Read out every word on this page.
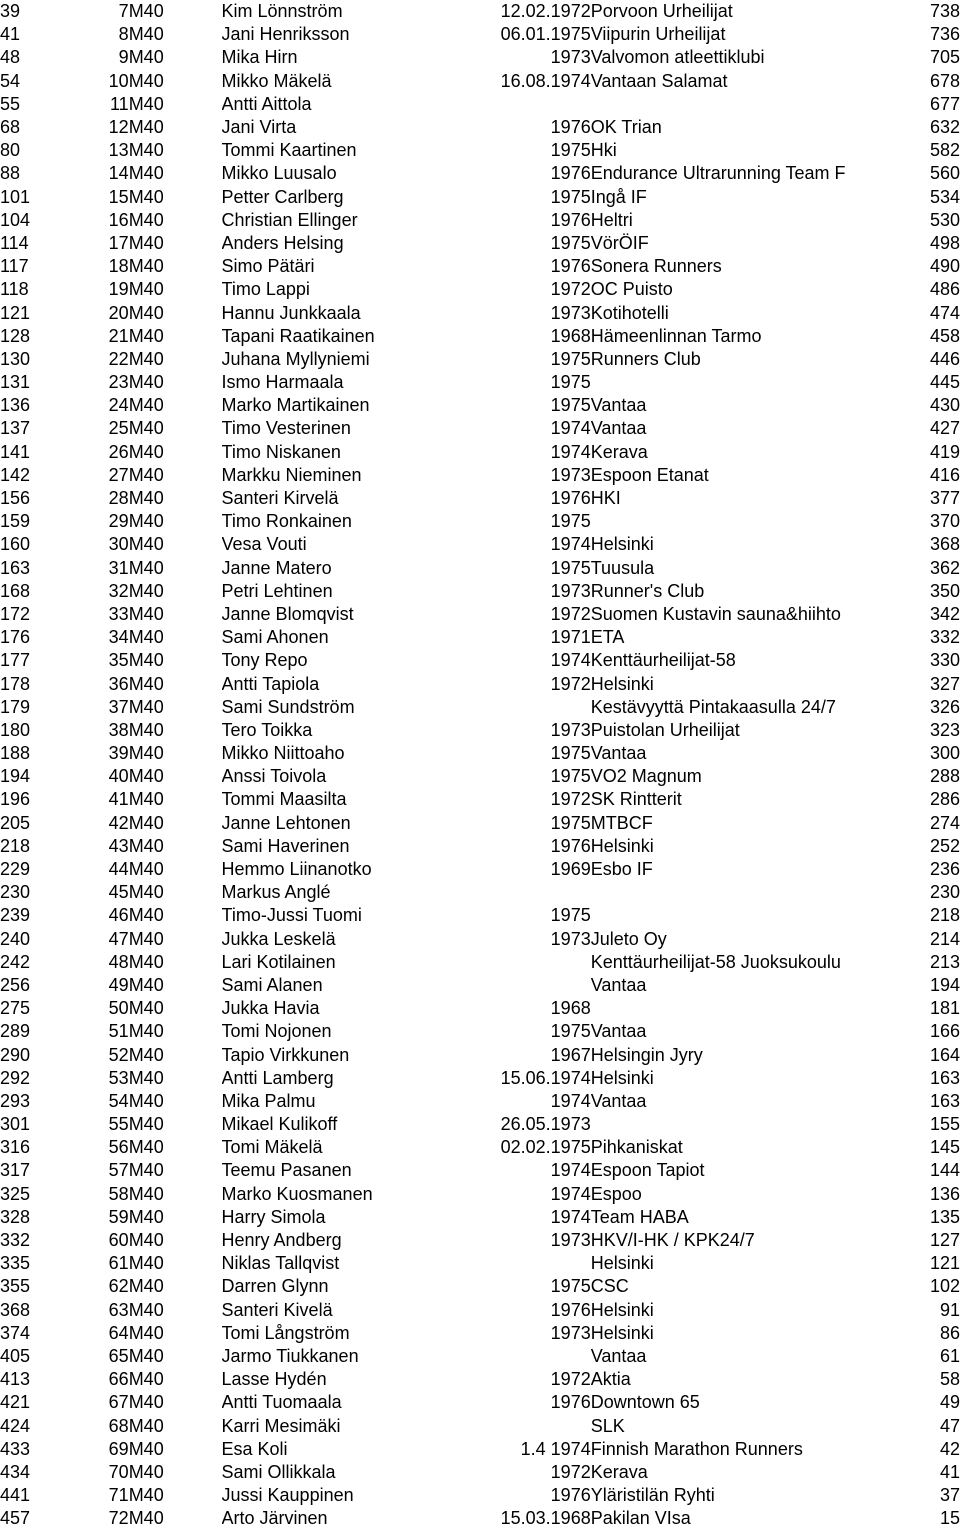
39	7	M40	Kim Lönnström	12.02.1972	Porvoon Urheilijat	738
41	8	M40	Jani Henriksson	06.01.1975	Viipurin Urheilijat	736
48	9	M40	Mika Hirn	1973	Valvomon atleettiklubi	705
54	10	M40	Mikko Mäkelä	16.08.1974	Vantaan Salamat	678
55	11	M40	Antti Aittola			677
68	12	M40	Jani Virta	1976	OK Trian	632
80	13	M40	Tommi Kaartinen	1975	Hki	582
88	14	M40	Mikko Luusalo	1976	Endurance Ultrarunning Team F	560
101	15	M40	Petter Carlberg	1975	Ingå IF	534
104	16	M40	Christian Ellinger	1976	Heltri	530
114	17	M40	Anders Helsing	1975	VörÖIF	498
117	18	M40	Simo Pätäri	1976	Sonera Runners	490
118	19	M40	Timo Lappi	1972	OC Puisto	486
121	20	M40	Hannu Junkkaala	1973	Kotihotelli	474
128	21	M40	Tapani Raatikainen	1968	Hämeenlinnan Tarmo	458
130	22	M40	Juhana Myllyniemi	1975	Runners Club	446
131	23	M40	Ismo Harmaala	1975		445
136	24	M40	Marko Martikainen	1975	Vantaa	430
137	25	M40	Timo Vesterinen	1974	Vantaa	427
141	26	M40	Timo Niskanen	1974	Kerava	419
142	27	M40	Markku Nieminen	1973	Espoon Etanat	416
156	28	M40	Santeri Kirvelä	1976	HKI	377
159	29	M40	Timo Ronkainen	1975		370
160	30	M40	Vesa Vouti	1974	Helsinki	368
163	31	M40	Janne Matero	1975	Tuusula	362
168	32	M40	Petri Lehtinen	1973	Runner's Club	350
172	33	M40	Janne Blomqvist	1972	Suomen Kustavin sauna&hiihto	342
176	34	M40	Sami Ahonen	1971	ETA	332
177	35	M40	Tony Repo	1974	Kenttäurheilijat-58	330
178	36	M40	Antti Tapiola	1972	Helsinki	327
179	37	M40	Sami Sundström		Kestävyyttä Pintakaasulla 24/7	326
180	38	M40	Tero Toikka	1973	Puistolan Urheilijat	323
188	39	M40	Mikko Niittoaho	1975	Vantaa	300
194	40	M40	Anssi Toivola	1975	VO2 Magnum	288
196	41	M40	Tommi Maasilta	1972	SK Rintterit	286
205	42	M40	Janne Lehtonen	1975	MTBCF	274
218	43	M40	Sami Haverinen	1976	Helsinki	252
229	44	M40	Hemmo Liinanotko	1969	Esbo IF	236
230	45	M40	Markus Anglé			230
239	46	M40	Timo-Jussi Tuomi	1975		218
240	47	M40	Jukka Leskelä	1973	Juleto Oy	214
242	48	M40	Lari Kotilainen		Kenttäurheilijat-58 Juoksukoulu	213
256	49	M40	Sami Alanen		Vantaa	194
275	50	M40	Jukka Havia	1968		181
289	51	M40	Tomi Nojonen	1975	Vantaa	166
290	52	M40	Tapio Virkkunen	1967	Helsingin Jyry	164
292	53	M40	Antti Lamberg	15.06.1974	Helsinki	163
293	54	M40	Mika Palmu	1974	Vantaa	163
301	55	M40	Mikael Kulikoff	26.05.1973		155
316	56	M40	Tomi Mäkelä	02.02.1975	Pihkaniskat	145
317	57	M40	Teemu Pasanen	1974	Espoon Tapiot	144
325	58	M40	Marko Kuosmanen	1974	Espoo	136
328	59	M40	Harry Simola	1974	Team HABA	135
332	60	M40	Henry Andberg	1973	HKV/I-HK / KPK24/7	127
335	61	M40	Niklas Tallqvist		Helsinki	121
355	62	M40	Darren Glynn	1975	CSC	102
368	63	M40	Santeri Kivelä	1976	Helsinki	91
374	64	M40	Tomi Långström	1973	Helsinki	86
405	65	M40	Jarmo Tiukkanen		Vantaa	61
413	66	M40	Lasse Hydén	1972	Aktia	58
421	67	M40	Antti Tuomaala	1976	Downtown 65	49
424	68	M40	Karri Mesimäki		SLK	47
433	69	M40	Esa Koli	1.4 1974	Finnish Marathon Runners	42
434	70	M40	Sami Ollikkala	1972	Kerava	41
441	71	M40	Jussi Kauppinen	1976	Yläristilän Ryhti	37
457	72	M40	Arto Järvinen	15.03.1968	Pakilan VIsa	15
